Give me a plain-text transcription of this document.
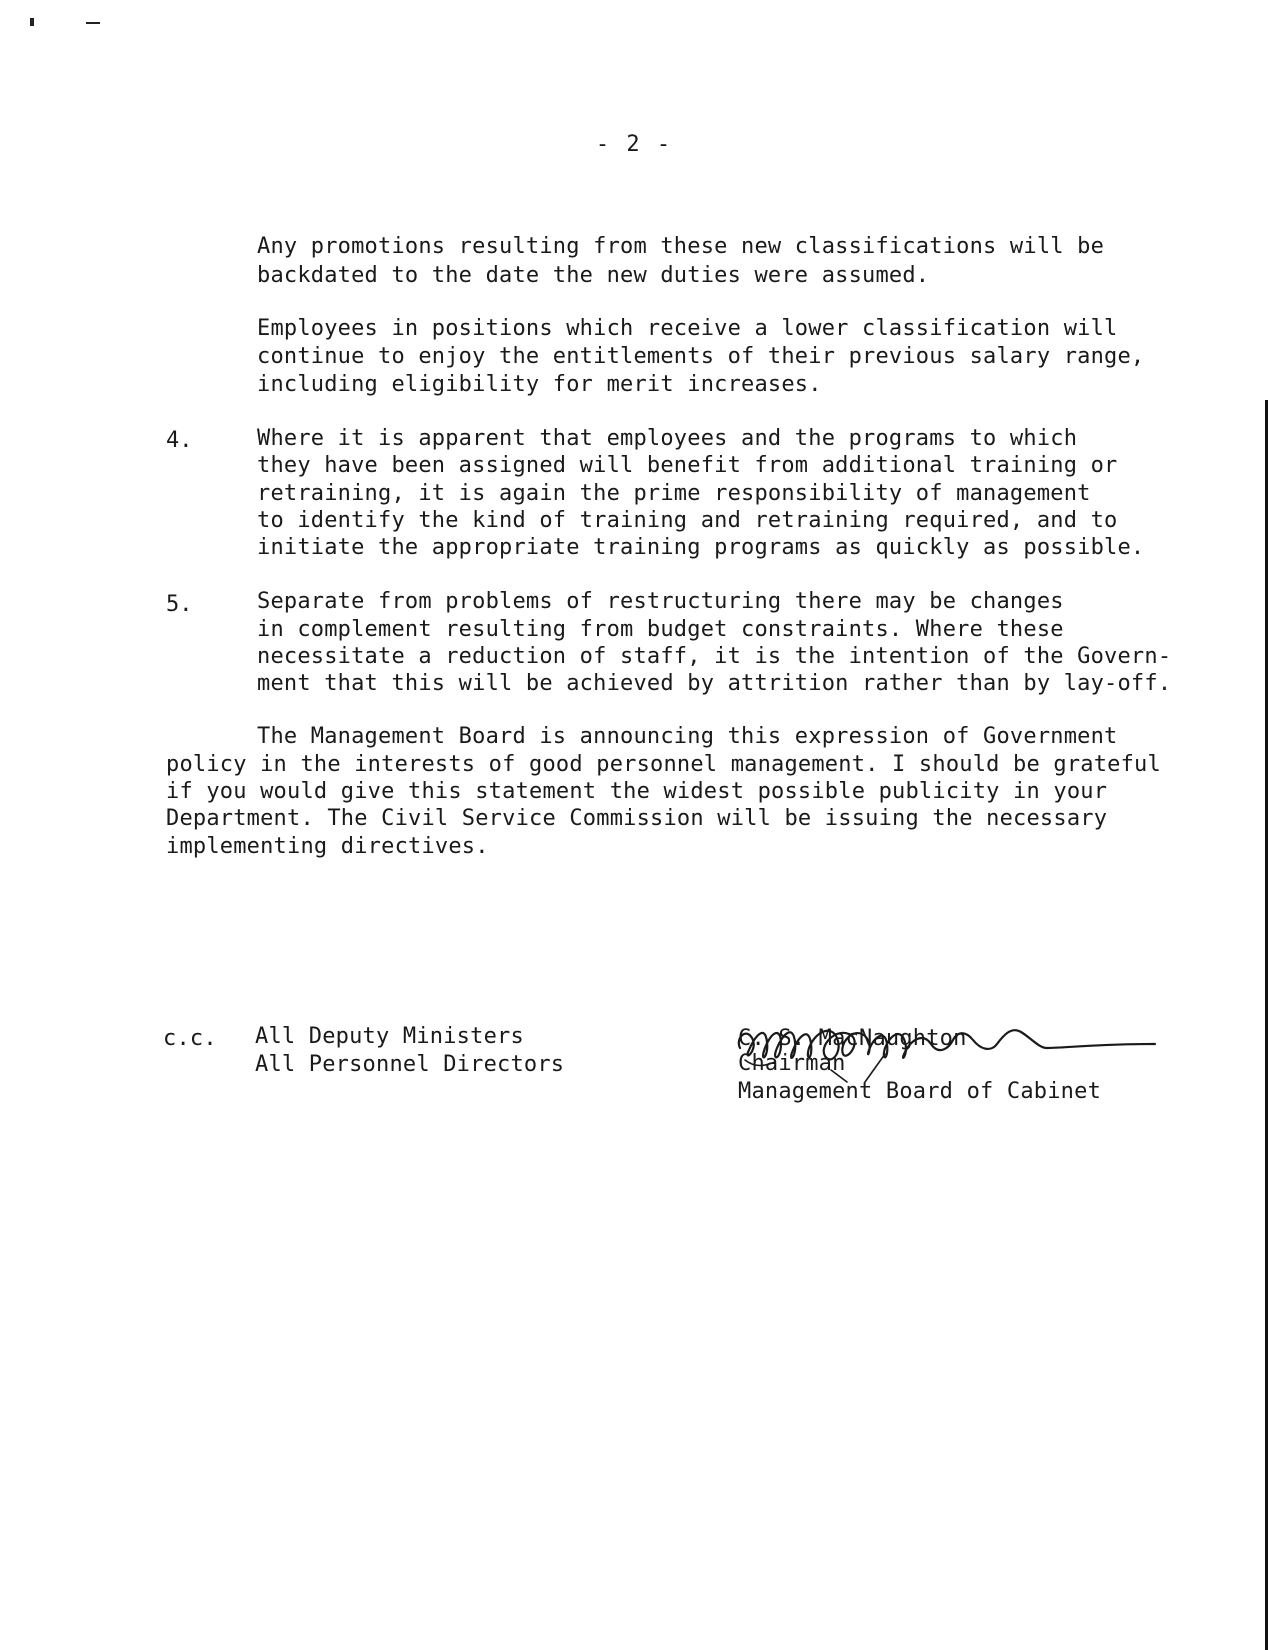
- 2 -
Any promotions resulting from these new classifications will be
backdated to the date the new duties were assumed.
Employees in positions which receive a lower classification will
continue to enjoy the entitlements of their previous salary range,
including eligibility for merit increases.
4.	Where it is apparent that employees and the programs to which
they have been assigned will benefit from additional training or
retraining, it is again the prime responsibility of management
to identify the kind of training and retraining required, and to
initiate the appropriate training programs as quickly as possible.
5.	Separate from problems of restructuring there may be changes
in complement resulting from budget constraints. Where these
necessitate a reduction of staff, it is the intention of the Govern-
ment that this will be achieved by attrition rather than by lay-off.
The Management Board is announcing this expression of Government
policy in the interests of good personnel management. I should be grateful
if you would give this statement the widest possible publicity in your
Department. The Civil Service Commission will be issuing the necessary
implementing directives.
c.c. All Deputy Ministers
All Personnel Directors
C. S. MacNaughton
Chairman
Management Board of Cabinet
